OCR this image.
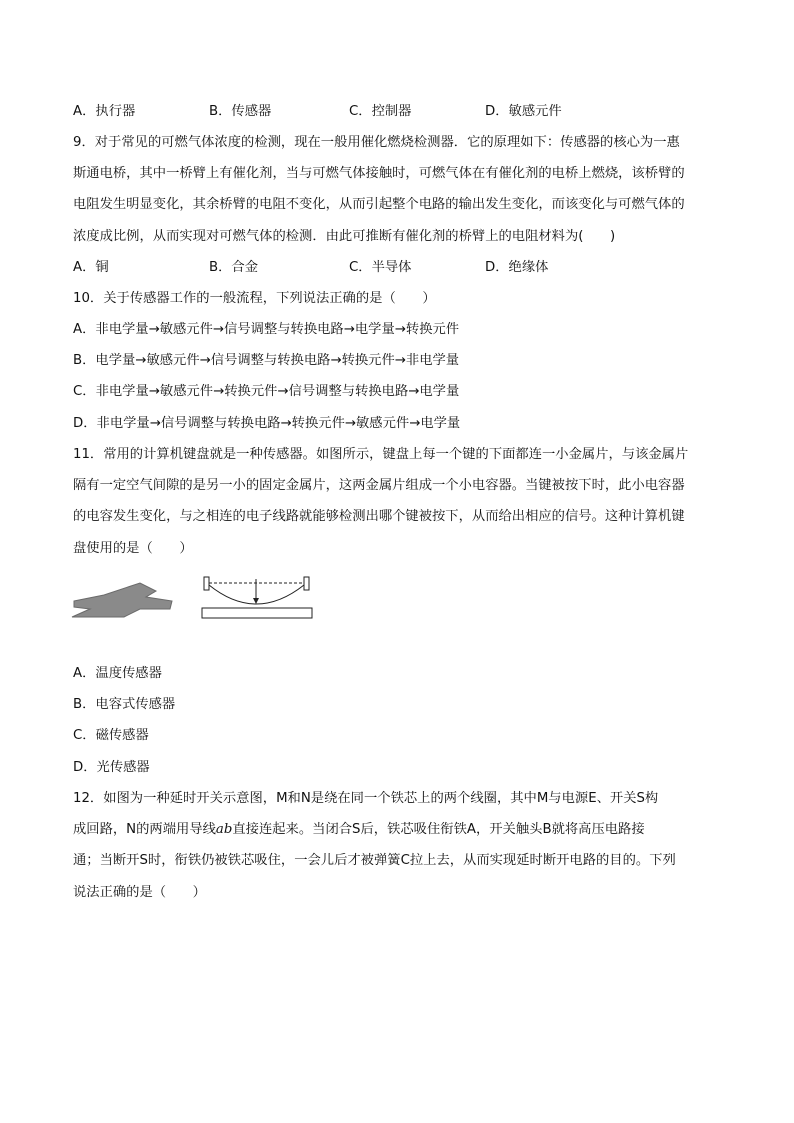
A．执行器	B．传感器	C．控制器	D．敏感元件
9．对于常见的可燃气体浓度的检测，现在一般用催化燃烧检测器．它的原理如下：传感器的核心为一惠
斯通电桥，其中一桥臂上有催化剂，当与可燃气体接触时，可燃气体在有催化剂的电桥上燃烧，该桥臂的
电阻发生明显变化，其余桥臂的电阻不变化，从而引起整个电路的输出发生变化，而该变化与可燃气体的
浓度成比例，从而实现对可燃气体的检测．由此可推断有催化剂的桥臂上的电阻材料为(　　)
A．铜	B．合金	C．半导体	D．绝缘体
10．关于传感器工作的一般流程，下列说法正确的是（　　）
A．非电学量→敏感元件→信号调整与转换电路→电学量→转换元件
B．电学量→敏感元件→信号调整与转换电路→转换元件→非电学量
C．非电学量→敏感元件→转换元件→信号调整与转换电路→电学量
D．非电学量→信号调整与转换电路→转换元件→敏感元件→电学量
11．常用的计算机键盘就是一种传感器。如图所示，键盘上每一个键的下面都连一小金属片，与该金属片
隔有一定空气间隙的是另一小的固定金属片，这两金属片组成一个小电容器。当键被按下时，此小电容器
的电容发生变化，与之相连的电子线路就能够检测出哪个键被按下，从而给出相应的信号。这种计算机键
盘使用的是（　　）
A．温度传感器
B．电容式传感器
C．磁传感器
D．光传感器
12．如图为一种延时开关示意图，M和N是绕在同一个铁芯上的两个线圈，其中M与电源E、开关S构
成回路，N的两端用导线ab直接连起来。当闭合S后，铁芯吸住衔铁A，开关触头B就将高压电路接
通；当断开S时，衔铁仍被铁芯吸住，一会儿后才被弹簧C拉上去，从而实现延时断开电路的目的。下列
说法正确的是（　　）
